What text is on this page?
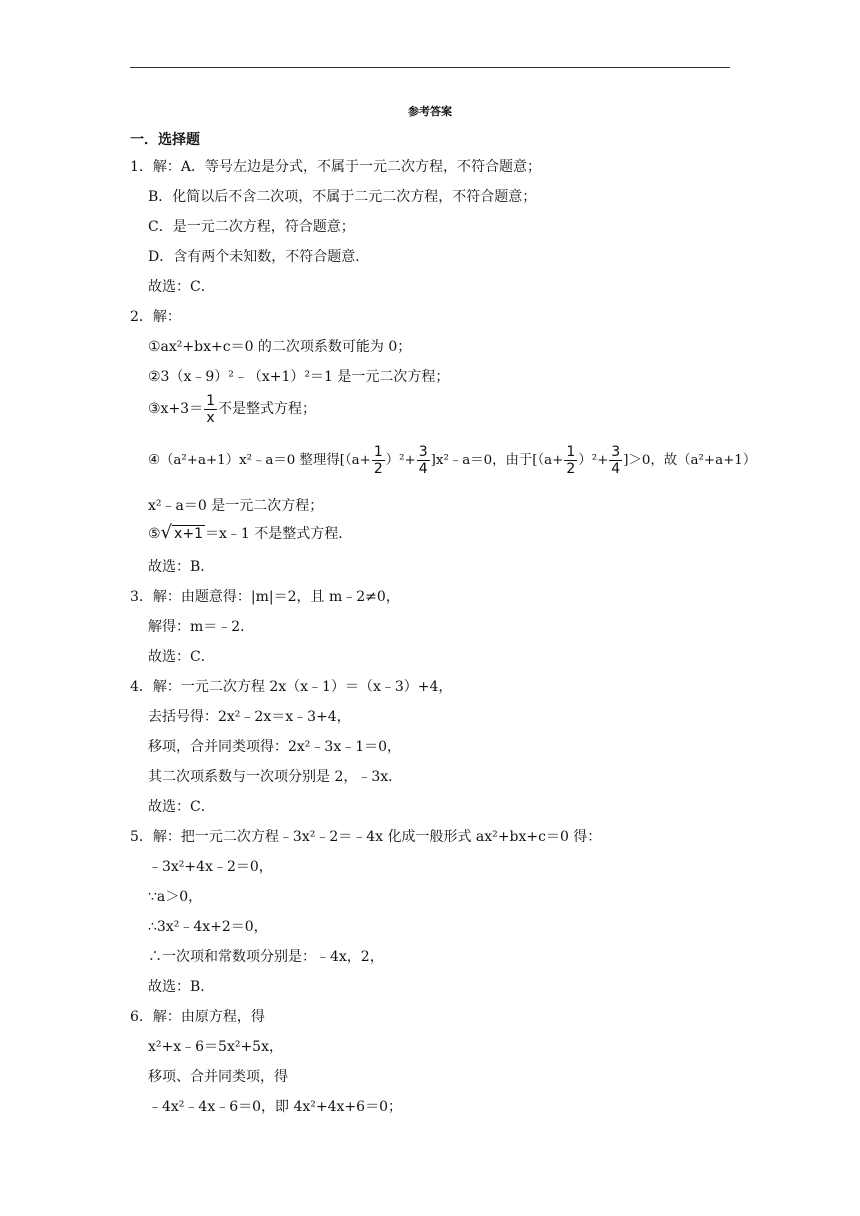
参考答案
一．选择题
1．解：A．等号左边是分式，不属于一元二次方程，不符合题意；
B．化简以后不含二次项，不属于二元二次方程，不符合题意；
C．是一元二次方程，符合题意；
D．含有两个未知数，不符合题意．
故选：C．
2．解：
①ax²+bx+c＝0 的二次项系数可能为 0；
②3（x﹣9）²﹣（x+1）²＝1 是一元二次方程；
x²﹣a＝0 是一元二次方程；
故选：B．
3．解：由题意得：|m|＝2，且 m﹣2≠0，
解得：m＝﹣2．
故选：C．
4．解：一元二次方程 2x（x﹣1）＝（x﹣3）+4，
去括号得：2x²﹣2x＝x﹣3+4，
移项，合并同类项得：2x²﹣3x﹣1＝0，
其二次项系数与一次项分别是 2，﹣3x．
故选：C．
5．解：把一元二次方程﹣3x²﹣2＝﹣4x 化成一般形式 ax²+bx+c＝0 得：
﹣3x²+4x﹣2＝0，
∵a＞0，
∴3x²﹣4x+2＝0，
∴一次项和常数项分别是：﹣4x，2，
故选：B．
6．解：由原方程，得
x²+x﹣6＝5x²+5x，
移项、合并同类项，得
﹣4x²﹣4x﹣6＝0，即 4x²+4x+6＝0；
③x+3＝ $\frac{1}{x}$ 不是整式方程；
④（a²+a+1）x²﹣a＝0 整理得[$(a+ \frac{1}{2} )^2+ \frac{3}{4}$ ]x²﹣a＝0，由于$[(a+ \frac{1}{2} )^2+ \frac{3}{4} ]>0$，故（a²+a+1）
⑤√ x+1 ＝x﹣1 不是整式方程．
